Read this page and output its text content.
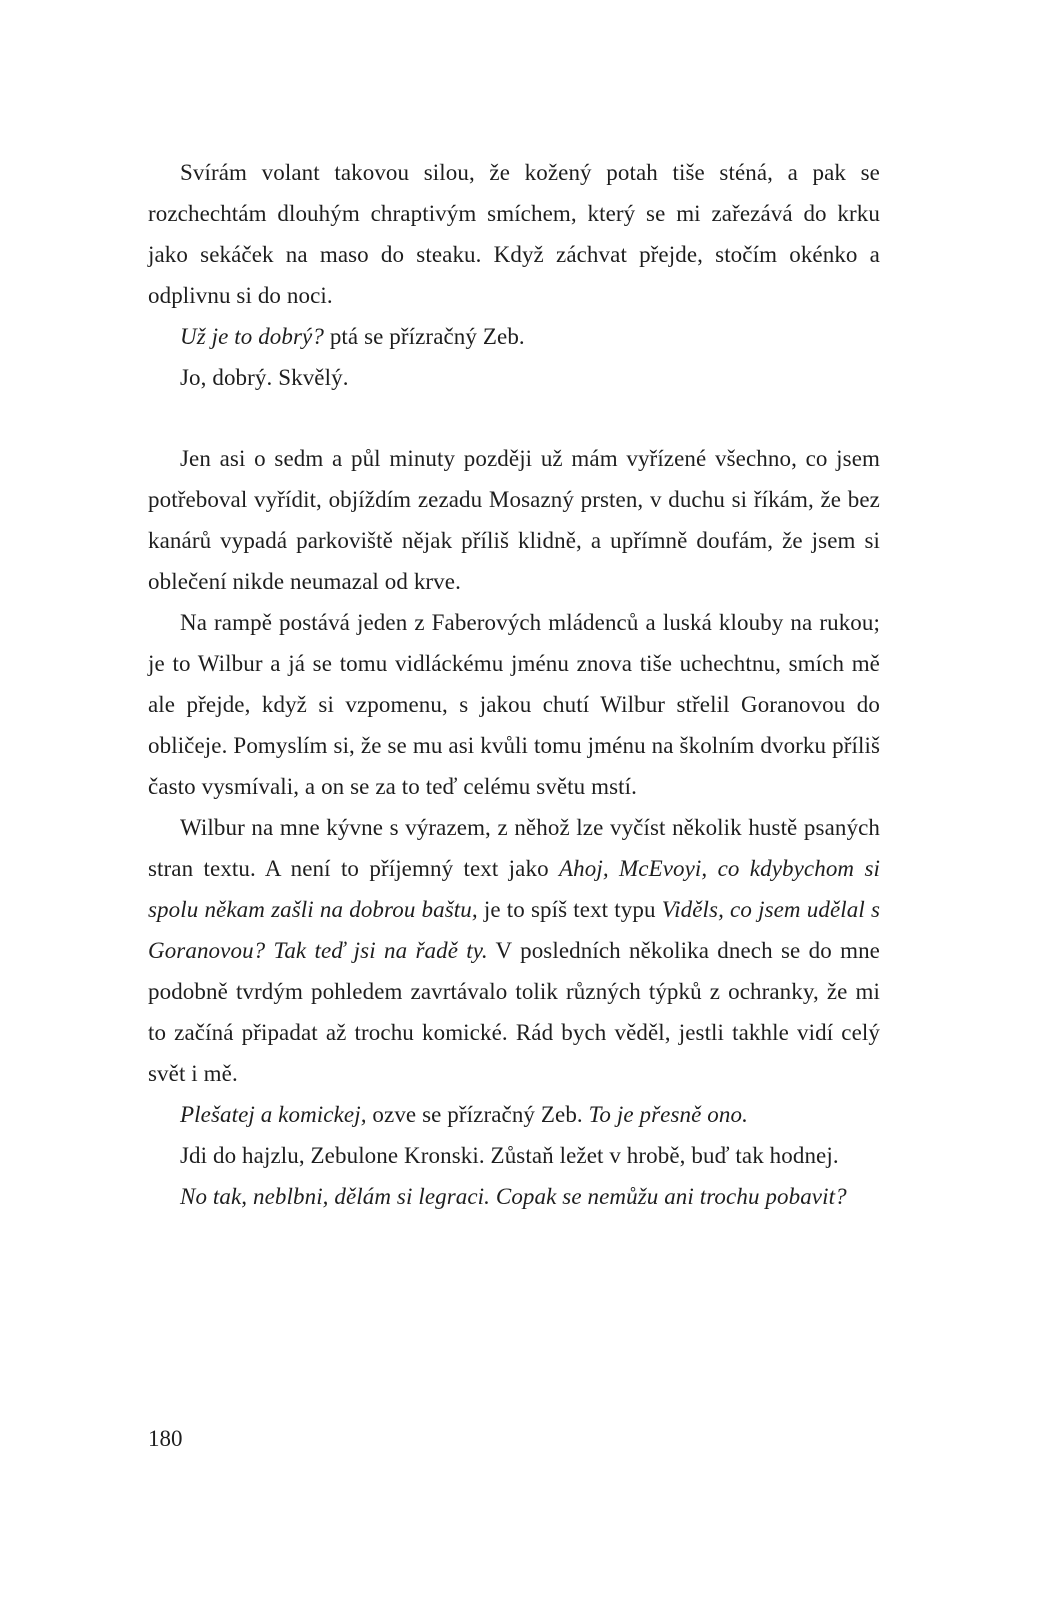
Svírám volant takovou silou, že kožený potah tiše sténá, a pak se rozchechtám dlouhým chraptivým smíchem, který se mi zařezává do krku jako sekáček na maso do steaku. Když záchvat přejde, stočím okénko a odplivnu si do noci.

Už je to dobrý? ptá se přízračný Zeb.

Jo, dobrý. Skvělý.

Jen asi o sedm a půl minuty později už mám vyřízené všechno, co jsem potřeboval vyřídit, objíždím zezadu Mosazný prsten, v duchu si říkám, že bez kanárů vypadá parkoviště nějak příliš klidně, a upřímně doufám, že jsem si oblečení nikde neumazal od krve.

Na rampě postává jeden z Faberových mládenců a luská klouby na rukou; je to Wilbur a já se tomu vidláckému jménu znova tiše uchechtnu, smích mě ale přejde, když si vzpomenu, s jakou chutí Wilbur střelil Goranovou do obličeje. Pomyslím si, že se mu asi kvůli tomu jménu na školním dvorku příliš často vysmívali, a on se za to teď celému světu mstí.

Wilbur na mne kývne s výrazem, z něhož lze vyčíst několik hustě psaných stran textu. A není to příjemný text jako Ahoj, McEvoyi, co kdybychom si spolu někam zašli na dobrou baštu, je to spíš text typu Viděls, co jsem udělal s Goranovou? Tak teď jsi na řadě ty. V posledních několika dnech se do mne podobně tvrdým pohledem zavrtávalo tolik různých týpků z ochranky, že mi to začíná připadat až trochu komické. Rád bych věděl, jestli takhle vidí celý svět i mě.

Plešatej a komickej, ozve se přízračný Zeb. To je přesně ono.

Jdi do hajzlu, Zebulone Kronski. Zůstaň ležet v hrobě, buď tak hodnej.

No tak, neblbni, dělám si legraci. Copak se nemůžu ani trochu pobavit?

180
